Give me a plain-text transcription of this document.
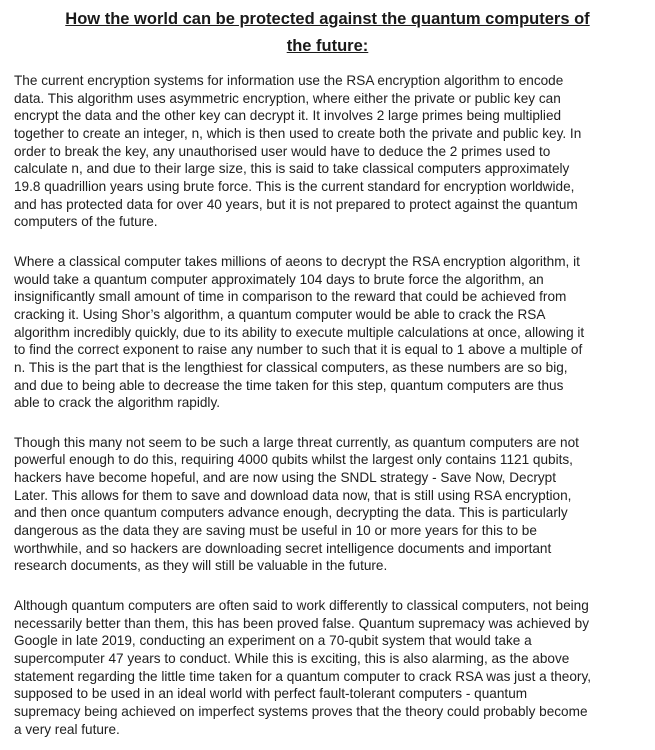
How the world can be protected against the quantum computers of
the future:

The current encryption systems for information use the RSA encryption algorithm to encode
data. This algorithm uses asymmetric encryption, where either the private or public key can
encrypt the data and the other key can decrypt it. It involves 2 large primes being multiplied
together to create an integer, n, which is then used to create both the private and public key. In
order to break the key, any unauthorised user would have to deduce the 2 primes used to
calculate n, and due to their large size, this is said to take classical computers approximately
19.8 quadrillion years using brute force. This is the current standard for encryption worldwide,
and has protected data for over 40 years, but it is not prepared to protect against the quantum
computers of the future.

Where a classical computer takes millions of aeons to decrypt the RSA encryption algorithm, it
would take a quantum computer approximately 104 days to brute force the algorithm, an
insignificantly small amount of time in comparison to the reward that could be achieved from
cracking it. Using Shor’s algorithm, a quantum computer would be able to crack the RSA
algorithm incredibly quickly, due to its ability to execute multiple calculations at once, allowing it
to find the correct exponent to raise any number to such that it is equal to 1 above a multiple of
n. This is the part that is the lengthiest for classical computers, as these numbers are so big,
and due to being able to decrease the time taken for this step, quantum computers are thus
able to crack the algorithm rapidly.

Though this many not seem to be such a large threat currently, as quantum computers are not
powerful enough to do this, requiring 4000 qubits whilst the largest only contains 1121 qubits,
hackers have become hopeful, and are now using the SNDL strategy - Save Now, Decrypt
Later. This allows for them to save and download data now, that is still using RSA encryption,
and then once quantum computers advance enough, decrypting the data. This is particularly
dangerous as the data they are saving must be useful in 10 or more years for this to be
worthwhile, and so hackers are downloading secret intelligence documents and important
research documents, as they will still be valuable in the future.

Although quantum computers are often said to work differently to classical computers, not being
necessarily better than them, this has been proved false. Quantum supremacy was achieved by
Google in late 2019, conducting an experiment on a 70-qubit system that would take a
supercomputer 47 years to conduct. While this is exciting, this is also alarming, as the above
statement regarding the little time taken for a quantum computer to crack RSA was just a theory,
supposed to be used in an ideal world with perfect fault-tolerant computers - quantum
supremacy being achieved on imperfect systems proves that the theory could probably become
a very real future.
